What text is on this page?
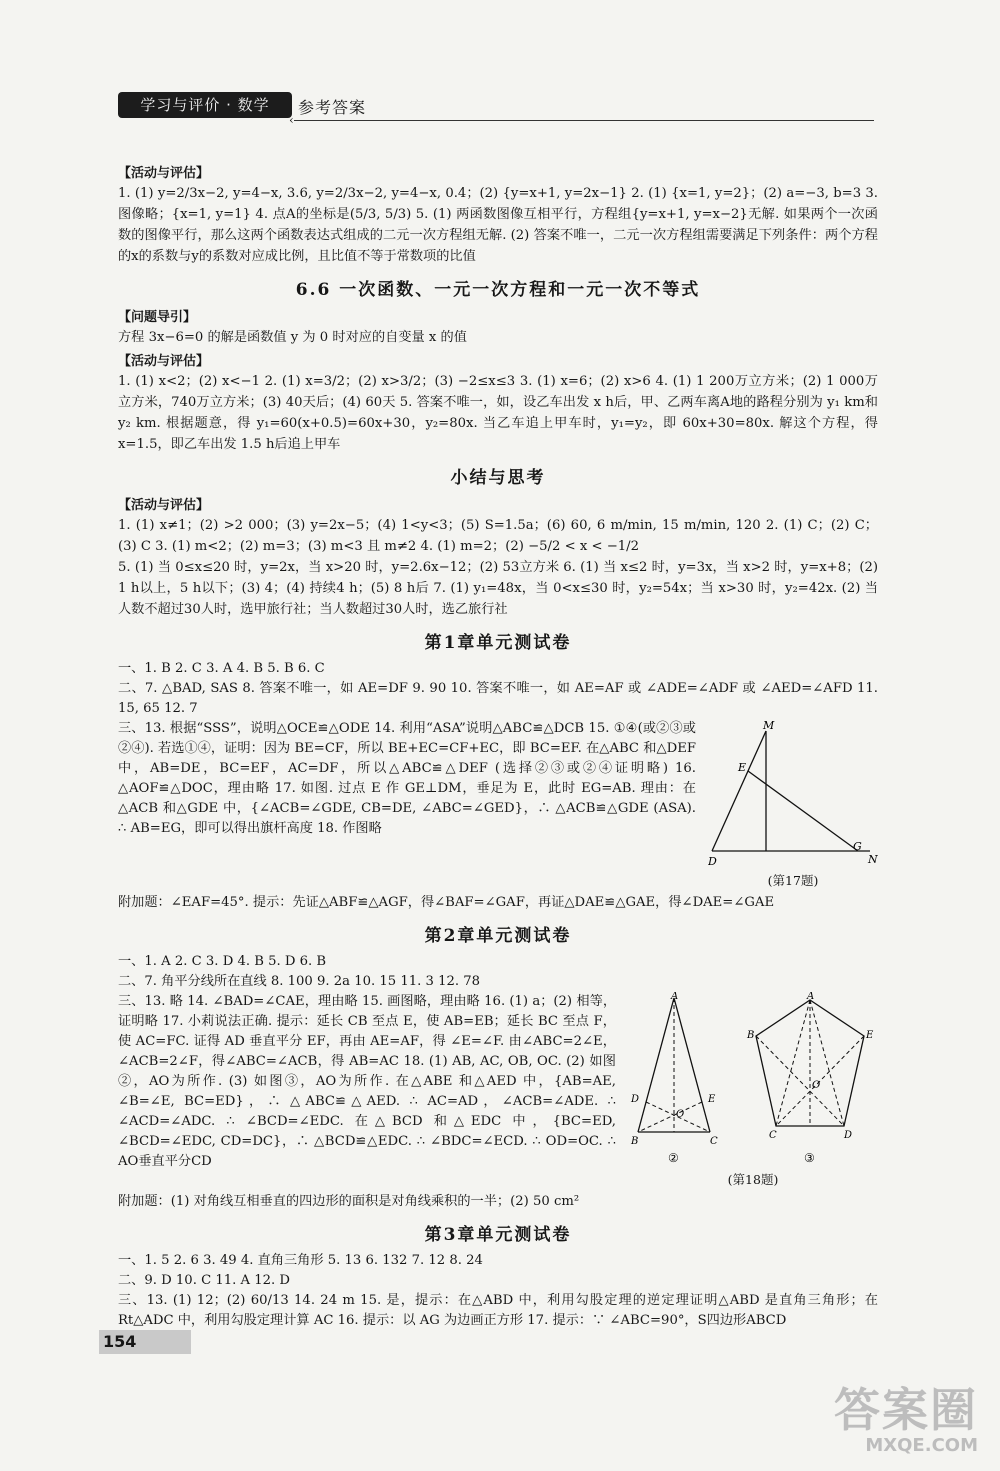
学习与评价 · 数学	参考答案
‹
【活动与评估】

1. (1) y=2/3x−2, y=4−x, 3.6, y=2/3x−2, y=4−x, 0.4；(2) {y=x+1, y=2x−1} 2. (1) {x=1, y=2}；(2) a=−3, b=3 3. 图像略；{x=1, y=1} 4. 点A的坐标是(5/3, 5/3) 5. (1) 两函数图像互相平行，方程组{y=x+1, y=x−2}无解. 如果两个一次函数的图像平行，那么这两个函数表达式组成的二元一次方程组无解. (2) 答案不唯一，二元一次方程组需要满足下列条件：两个方程的x的系数与y的系数对应成比例，且比值不等于常数项的比值

6.6 一次函数、一元一次方程和一元一次不等式
【问题导引】

方程 3x−6=0 的解是函数值 y 为 0 时对应的自变量 x 的值

【活动与评估】

1. (1) x<2；(2) x<−1 2. (1) x=3/2；(2) x>3/2；(3) −2≤x≤3 3. (1) x=6；(2) x>6 4. (1) 1 200万立方米；(2) 1 000万立方米，740万立方米；(3) 40天后；(4) 60天 5. 答案不唯一，如，设乙车出发 x h后，甲、乙两车离A地的路程分别为 y₁ km和 y₂ km. 根据题意，得 y₁=60(x+0.5)=60x+30，y₂=80x. 当乙车追上甲车时，y₁=y₂，即 60x+30=80x. 解这个方程，得 x=1.5，即乙车出发 1.5 h后追上甲车

小结与思考
【活动与评估】

1. (1) x≠1；(2) >2 000；(3) y=2x−5；(4) 1<y<3；(5) S=1.5a；(6) 60, 6 m/min, 15 m/min, 120 2. (1) C；(2) C；(3) C 3. (1) m<2；(2) m=3；(3) m<3 且 m≠2 4. (1) m=2；(2) −5/2 < x < −1/2

5. (1) 当 0≤x≤20 时，y=2x，当 x>20 时，y=2.6x−12；(2) 53立方米 6. (1) 当 x≤2 时，y=3x，当 x>2 时，y=x+8；(2) 1 h以上，5 h以下；(3) 4；(4) 持续4 h；(5) 8 h后 7. (1) y₁=48x，当 0<x≤30 时，y₂=54x；当 x>30 时，y₂=42x. (2) 当人数不超过30人时，选甲旅行社；当人数超过30人时，选乙旅行社

第1章单元测试卷

一、1. B 2. C 3. A 4. B 5. B 6. C

二、7. △BAD, SAS 8. 答案不唯一，如 AE=DF 9. 90 10. 答案不唯一，如 AE=AF 或 ∠ADE=∠ADF 或 ∠AED=∠AFD 11. 15, 65 12. 7

M
E
D
G
N
(第17题)

三、13. 根据“SSS”，说明△OCE≌△ODE 14. 利用“ASA”说明△ABC≌△DCB 15. ①④(或②③或②④). 若选①④，证明：因为 BE=CF，所以 BE+EC=CF+EC，即 BC=EF. 在△ABC 和△DEF 中，AB=DE，BC=EF，AC=DF，所以△ABC≌△DEF (选择②③或②④证明略) 16. △AOF≌△DOC，理由略 17. 如图. 过点 E 作 GE⊥DM，垂足为 E，此时 EG=AB. 理由：在△ACB 和△GDE 中，{∠ACB=∠GDE, CB=DE, ∠ABC=∠GED}，∴ △ACB≌△GDE (ASA). ∴ AB=EG，即可以得出旗杆高度 18. 作图略

附加题：∠EAF=45°. 提示：先证△ABF≌△AGF，得∠BAF=∠GAF，再证△DAE≌△GAE，得∠DAE=∠GAE

第2章单元测试卷

一、1. A 2. C 3. D 4. B 5. D 6. B

二、7. 角平分线所在直线 8. 100 9. 2a 10. 15 11. 3 12. 78

A
D	E
O
B	C
②
A
B	E
O
C	D
③
(第18题)

三、13. 略 14. ∠BAD=∠CAE，理由略 15. 画图略，理由略 16. (1) a；(2) 相等，证明略 17. 小莉说法正确. 提示：延长 CB 至点 E，使 AB=EB；延长 BC 至点 F，使 AC=FC. 证得 AD 垂直平分 EF，再由 AE=AF，得 ∠E=∠F. 由∠ABC=2∠E，∠ACB=2∠F，得∠ABC=∠ACB，得 AB=AC 18. (1) AB, AC, OB, OC. (2) 如图②，AO为所作. (3) 如图③，AO为所作. 在△ABE 和△AED 中，{AB=AE, ∠B=∠E, BC=ED}，∴ △ABC≌△AED. ∴ AC=AD，∠ACB=∠ADE. ∴ ∠ACD=∠ADC. ∴ ∠BCD=∠EDC. 在△BCD 和△EDC 中，{BC=ED, ∠BCD=∠EDC, CD=DC}，∴ △BCD≌△EDC. ∴ ∠BDC=∠ECD. ∴ OD=OC. ∴ AO垂直平分CD

附加题：(1) 对角线互相垂直的四边形的面积是对角线乘积的一半；(2) 50 cm²

第3章单元测试卷

一、1. 5 2. 6 3. 49 4. 直角三角形 5. 13 6. 132 7. 12 8. 24

二、9. D 10. C 11. A 12. D

三、13. (1) 12；(2) 60/13 14. 24 m 15. 是，提示：在△ABD 中，利用勾股定理的逆定理证明△ABD 是直角三角形；在 Rt△ADC 中，利用勾股定理计算 AC 16. 提示：以 AG 为边画正方形 17. 提示：∵ ∠ABC=90°，S四边形ABCD

154
答案圈
MXQE.COM
